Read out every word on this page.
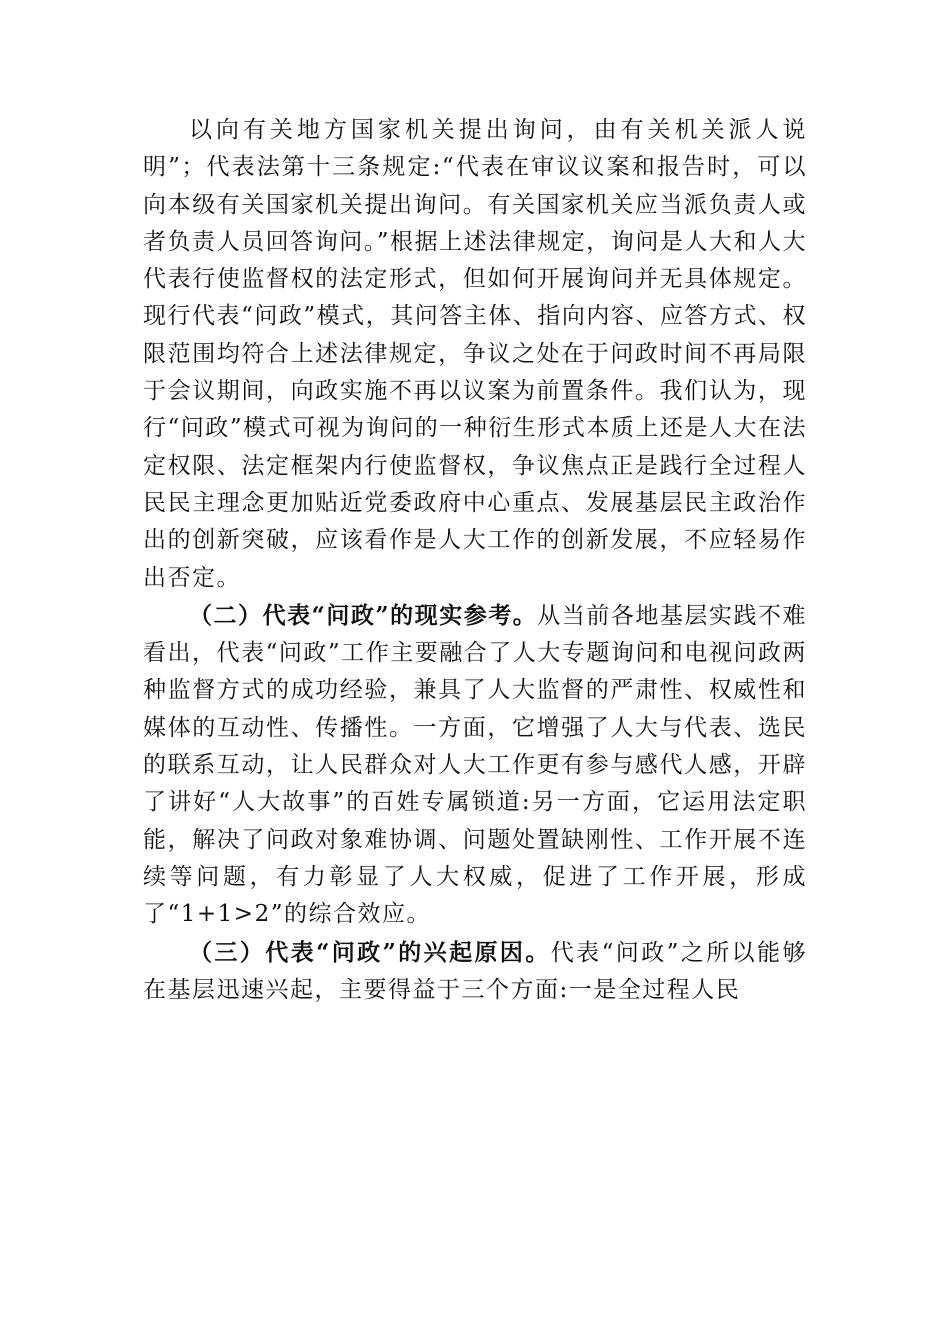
以向有关地方国家机关提出询问，由有关机关派人说明”；代表法第十三条规定:“代表在审议议案和报告时，可以向本级有关国家机关提出询问。有关国家机关应当派负责人或者负责人员回答询问。”根据上述法律规定，询问是人大和人大代表行使监督权的法定形式，但如何开展询问并无具体规定。现行代表“问政”模式，其问答主体、指向内容、应答方式、权限范围均符合上述法律规定，争议之处在于问政时间不再局限于会议期间，向政实施不再以议案为前置条件。我们认为，现行“问政”模式可视为询问的一种衍生形式本质上还是人大在法定权限、法定框架内行使监督权，争议焦点正是践行全过程人民民主理念更加贴近党委政府中心重点、发展基层民主政治作出的创新突破，应该看作是人大工作的创新发展，不应轻易作出否定。

（二）代表“问政”的现实参考。从当前各地基层实践不难看出，代表“问政”工作主要融合了人大专题询问和电视问政两种监督方式的成功经验，兼具了人大监督的严肃性、权威性和媒体的互动性、传播性。一方面，它增强了人大与代表、选民的联系互动，让人民群众对人大工作更有参与感代人感，开辟了讲好“人大故事”的百姓专属锁道:另一方面，它运用法定职能，解决了问政对象难协调、问题处置缺刚性、工作开展不连续等问题，有力彰显了人大权威，促进了工作开展，形成了“1+1>2”的综合效应。

（三）代表“问政”的兴起原因。代表“问政”之所以能够在基层迅速兴起，主要得益于三个方面:一是全过程人民
